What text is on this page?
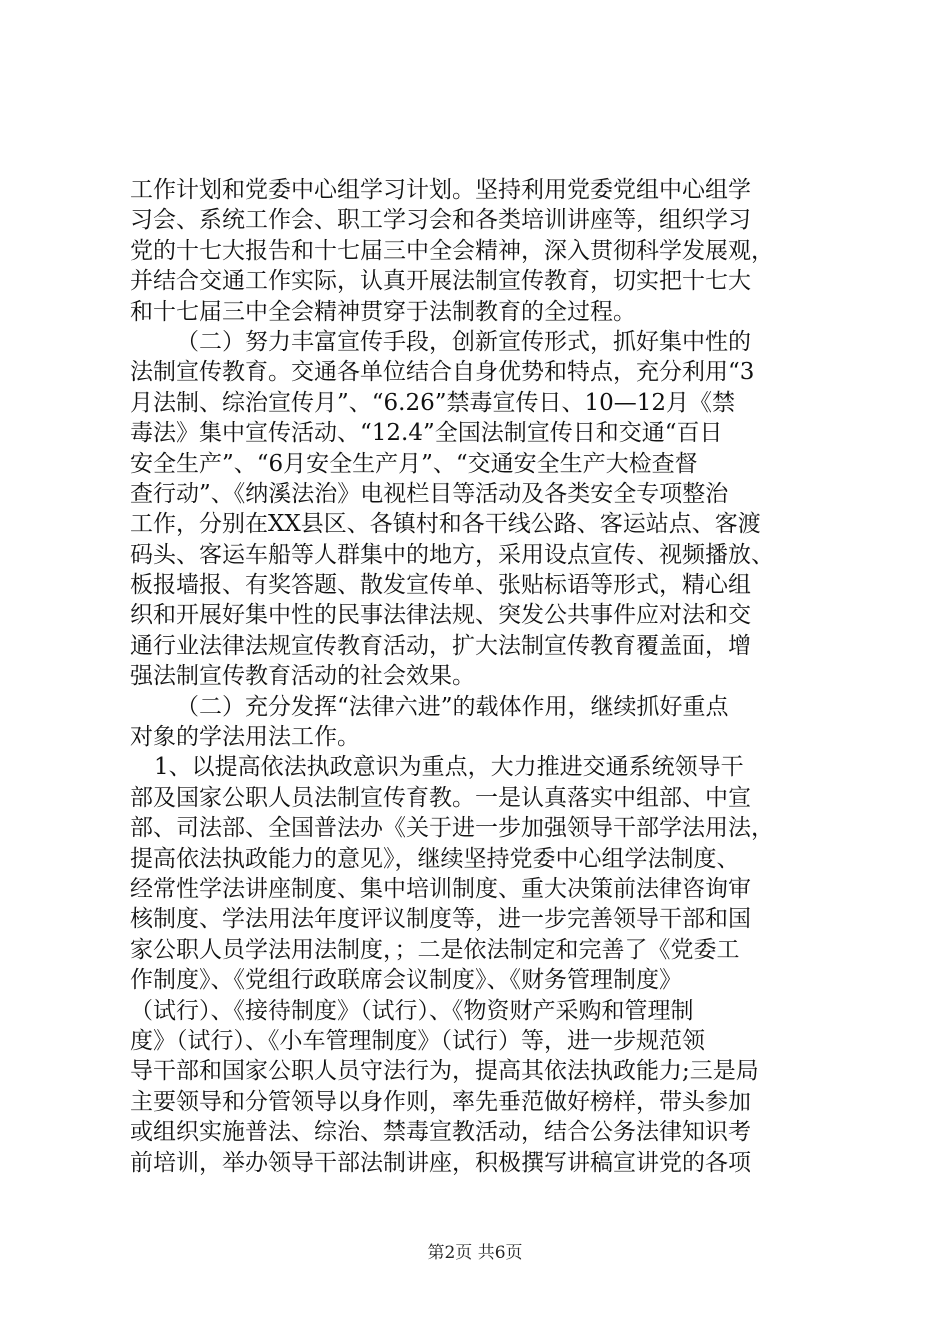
工作计划和党委中心组学习计划。坚持利用党委党组中心组学
习会、系统工作会、职工学习会和各类培训讲座等，组织学习
党的十七大报告和十七届三中全会精神，深入贯彻科学发展观，
并结合交通工作实际，认真开展法制宣传教育，切实把十七大
和十七届三中全会精神贯穿于法制教育的全过程。
（二）努力丰富宣传手段，创新宣传形式，抓好集中性的
法制宣传教育。交通各单位结合自身优势和特点，充分利用“3
月法制、综治宣传月”、“6.26”禁毒宣传日、10—12月《禁
毒法》集中宣传活动、“12.4”全国法制宣传日和交通“百日
安全生产”、“6月安全生产月”、“交通安全生产大检查督
查行动”、《纳溪法治》电视栏目等活动及各类安全专项整治
工作，分别在XX县区、各镇村和各干线公路、客运站点、客渡
码头、客运车船等人群集中的地方，采用设点宣传、视频播放、
板报墙报、有奖答题、散发宣传单、张贴标语等形式，精心组
织和开展好集中性的民事法律法规、突发公共事件应对法和交
通行业法律法规宣传教育活动，扩大法制宣传教育覆盖面，增
强法制宣传教育活动的社会效果。
（二）充分发挥“法律六进”的载体作用，继续抓好重点
对象的学法用法工作。
1、以提高依法执政意识为重点，大力推进交通系统领导干
部及国家公职人员法制宣传育教。一是认真落实中组部、中宣
部、司法部、全国普法办《关于进一步加强领导干部学法用法，
提高依法执政能力的意见》，继续坚持党委中心组学法制度、
经常性学法讲座制度、集中培训制度、重大决策前法律咨询审
核制度、学法用法年度评议制度等，进一步完善领导干部和国
家公职人员学法用法制度，；二是依法制定和完善了《党委工
作制度》、《党组行政联席会议制度》、《财务管理制度》
（试行）、《接待制度》（试行）、《物资财产采购和管理制
度》（试行）、《小车管理制度》（试行）等，进一步规范领
导干部和国家公职人员守法行为，提高其依法执政能力;三是局
主要领导和分管领导以身作则，率先垂范做好榜样，带头参加
或组织实施普法、综治、禁毒宣教活动，结合公务法律知识考
前培训，举办领导干部法制讲座，积极撰写讲稿宣讲党的各项
第2页 共6页
